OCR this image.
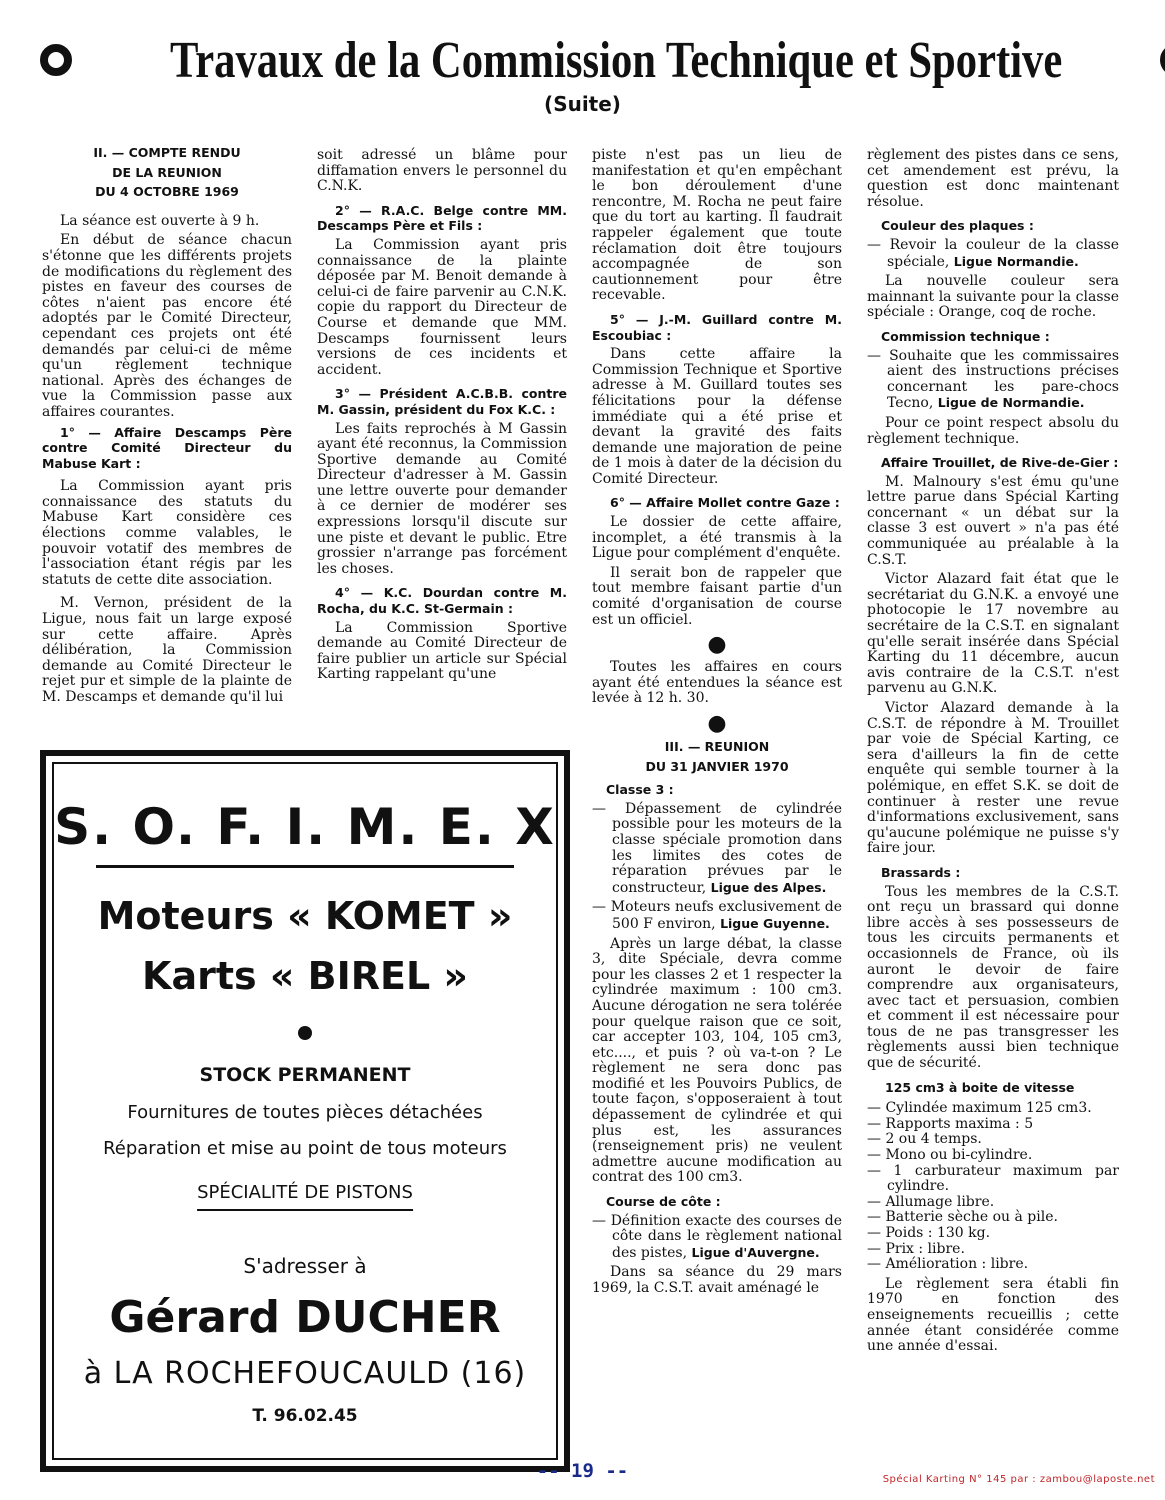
Travaux de la Commission Technique et Sportive
(Suite)

II. — COMPTE RENDU

DE LA REUNION

DU 4 OCTOBRE 1969

La séance est ouverte à 9 h.

En début de séance chacun s'étonne que les différents projets de modifications du règlement des pistes en faveur des courses de côtes n'aient pas encore été adoptés par le Comité Directeur, cependant ces projets ont été demandés par celui-ci de même qu'un règlement technique national. Après des échanges de vue la Commission passe aux affaires courantes.

1° — Affaire Descamps Père contre Comité Directeur du Mabuse Kart :

La Commission ayant pris connaissance des statuts du Mabuse Kart considère ces élections comme valables, le pouvoir votatif des membres de l'association étant régis par les statuts de cette dite association.

M. Vernon, président de la Ligue, nous fait un large exposé sur cette affaire. Après délibération, la Commission demande au Comité Directeur le rejet pur et simple de la plainte de M. Descamps et demande qu'il lui

soit adressé un blâme pour diffamation envers le personnel du C.N.K.

2° — R.A.C. Belge contre MM. Descamps Père et Fils :

La Commission ayant pris connaissance de la plainte déposée par M. Benoit demande à celui-ci de faire parvenir au C.N.K. copie du rapport du Directeur de Course et demande que MM. Descamps fournissent leurs versions de ces incidents et accident.

3° — Président A.C.B.B. contre M. Gassin, président du Fox K.C. :

Les faits reprochés à M Gassin ayant été reconnus, la Commission Sportive demande au Comité Directeur d'adresser à M. Gassin une lettre ouverte pour demander à ce dernier de modérer ses expressions lorsqu'il discute sur une piste et devant le public. Etre grossier n'arrange pas forcément les choses.

4° — K.C. Dourdan contre M. Rocha, du K.C. St-Germain :

La Commission Sportive demande au Comité Directeur de faire publier un article sur Spécial Karting rappelant qu'une

piste n'est pas un lieu de manifestation et qu'en empêchant le bon déroulement d'une rencontre, M. Rocha ne peut faire que du tort au karting. Il faudrait rappeler également que toute réclamation doit être toujours accompagnée de son cautionnement pour être recevable.

5° — J.-M. Guillard contre M. Escoubiac :

Dans cette affaire la Commission Technique et Sportive adresse à M. Guillard toutes ses félicitations pour la défense immédiate qui a été prise et devant la gravité des faits demande une majoration de peine de 1 mois à dater de la décision du Comité Directeur.

6° — Affaire Mollet contre Gaze :

Le dossier de cette affaire, incomplet, a été transmis à la Ligue pour complément d'enquête.

Il serait bon de rappeler que tout membre faisant partie d'un comité d'organisation de course est un officiel.

●

Toutes les affaires en cours ayant été entendues la séance est levée à 12 h. 30.

●

III. — REUNION

DU 31 JANVIER 1970

Classe 3 :

— Dépassement de cylindrée possible pour les moteurs de la classe spéciale promotion dans les limites des cotes de réparation prévues par le constructeur, Ligue des Alpes.

— Moteurs neufs exclusivement de 500 F environ, Ligue Guyenne.

Après un large débat, la classe 3, dite Spéciale, devra comme pour les classes 2 et 1 respecter la cylindrée maximum : 100 cm3. Aucune dérogation ne sera tolérée pour quelque raison que ce soit, car accepter 103, 104, 105 cm3, etc...., et puis ? où va-t-on ? Le règlement ne sera donc pas modifié et les Pouvoirs Publics, de toute façon, s'opposeraient à tout dépassement de cylindrée et qui plus est, les assurances (renseignement pris) ne veulent admettre aucune modification au contrat des 100 cm3.

Course de côte :

— Définition exacte des courses de côte dans le règlement national des pistes, Ligue d'Auvergne.

Dans sa séance du 29 mars 1969, la C.S.T. avait aménagé le

règlement des pistes dans ce sens, cet amendement est prévu, la question est donc maintenant résolue.

Couleur des plaques :

— Revoir la couleur de la classe spéciale, Ligue Normandie.

La nouvelle couleur sera mainnant la suivante pour la classe spéciale : Orange, coq de roche.

Commission technique :

— Souhaite que les commissaires aient des instructions précises concernant les pare-chocs Tecno, Ligue de Normandie.

Pour ce point respect absolu du règlement technique.

Affaire Trouillet, de Rive-de-Gier :

M. Malnoury s'est ému qu'une lettre parue dans Spécial Karting concernant « un débat sur la classe 3 est ouvert » n'a pas été communiquée au préalable à la C.S.T.

Victor Alazard fait état que le secrétariat du G.N.K. a envoyé une photocopie le 17 novembre au secrétaire de la C.S.T. en signalant qu'elle serait insérée dans Spécial Karting du 11 décembre, aucun avis contraire de la C.S.T. n'est parvenu au G.N.K.

Victor Alazard demande à la C.S.T. de répondre à M. Trouillet par voie de Spécial Karting, ce sera d'ailleurs la fin de cette enquête qui semble tourner à la polémique, en effet S.K. se doit de continuer à rester une revue d'informations exclusivement, sans qu'aucune polémique ne puisse s'y faire jour.

Brassards :

Tous les membres de la C.S.T. ont reçu un brassard qui donne libre accès à ses possesseurs de tous les circuits permanents et occasionnels de France, où ils auront le devoir de faire comprendre aux organisateurs, avec tact et persuasion, combien et comment il est nécessaire pour tous de ne pas transgresser les règlements aussi bien technique que de sécurité.

125 cm3 à boite de vitesse

— Cylindée maximum 125 cm3.

— Rapports maxima : 5

— 2 ou 4 temps.

— Mono ou bi-cylindre.

— 1 carburateur maximum par cylindre.

— Allumage libre.

— Batterie sèche ou à pile.

— Poids : 130 kg.

— Prix : libre.

— Amélioration : libre.

Le règlement sera établi fin 1970 en fonction des enseignements recueillis ; cette année étant considérée comme une année d'essai.

S. O. F. I. M. E. X
Moteurs « KOMET »
Karts « BIREL »
STOCK PERMANENT
Fournitures de toutes pièces détachées
Réparation et mise au point de tous moteurs
SPÉCIALITÉ DE PISTONS
S'adresser à
Gérard DUCHER
à LA ROCHEFOUCAULD (16)
T. 96.02.45
-- 19 --	Spécial Karting N° 145 par : zambou@laposte.net
